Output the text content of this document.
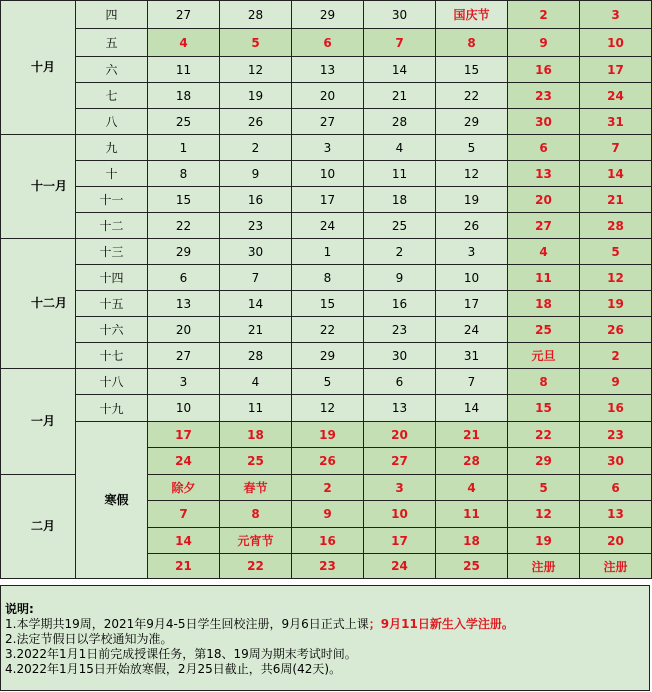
十月	四	27	28	29	30	国庆节	2	3
	五	4	5	6	7	8	9	10
	六	11	12	13	14	15	16	17
	七	18	19	20	21	22	23	24
	八	25	26	27	28	29	30	31
十一月	九	1	2	3	4	5	6	7
	十	8	9	10	11	12	13	14
	十一	15	16	17	18	19	20	21
	十二	22	23	24	25	26	27	28
十二月	十三	29	30	1	2	3	4	5
	十四	6	7	8	9	10	11	12
	十五	13	14	15	16	17	18	19
	十六	20	21	22	23	24	25	26
	十七	27	28	29	30	31	元旦	2
一月	十八	3	4	5	6	7	8	9
	十九	10	11	12	13	14	15	16
	寒假	17	18	19	20	21	22	23
		24	25	26	27	28	29	30
二月		除夕	春节	2	3	4	5	6
		7	8	9	10	11	12	13
		14	元宵节	16	17	18	19	20
		21	22	23	24	25	注册	注册
说明:
1.本学期共19周，2021年9月4-5日学生回校注册，9月6日正式上课；9月11日新生入学注册。
2.法定节假日以学校通知为准。
3.2022年1月1日前完成授课任务，第18、19周为期末考试时间。
4.2022年1月15日开始放寒假，2月25日截止，共6周(42天)。
